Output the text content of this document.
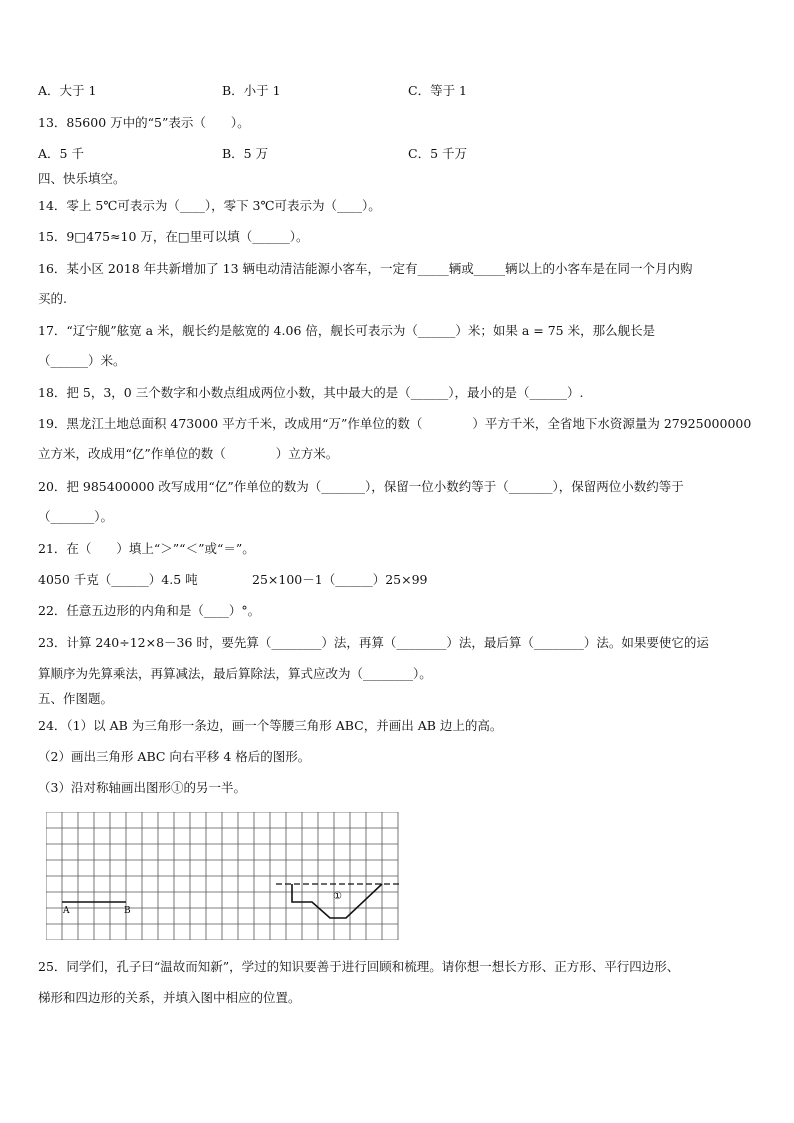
A．大于 1	B．小于 1	C．等于 1
13．85600 万中的“5”表示（　　）。
A．5 千	B．5 万	C．5 千万
四、快乐填空。
14．零上 5℃可表示为（____），零下 3℃可表示为（____）。
15．9□475≈10 万，在□里可以填（______）。
16．某小区 2018 年共新增加了 13 辆电动清洁能源小客车，一定有_____辆或_____辆以上的小客车是在同一个月内购
买的.
17．“辽宁舰”舷宽 a 米，舰长约是舷宽的 4.06 倍，舰长可表示为（______）米；如果 a = 75 米，那么舰长是
（______）米。
18．把 5，3，0 三个数字和小数点组成两位小数，其中最大的是（______），最小的是（______）.
19．黑龙江土地总面积 473000 平方千米，改成用“万”作单位的数（　　　　）平方千米，全省地下水资源量为 27925000000
立方米，改成用“亿”作单位的数（　　　　）立方米。
20．把 985400000 改写成用“亿”作单位的数为（_______），保留一位小数约等于（_______），保留两位小数约等于
（_______）。
21．在（　　）填上“＞”“＜”或“＝”。
4050 千克（______）4.5 吨	25×100－1（______）25×99
22．任意五边形的内角和是（____）°。
23．计算 240÷12×8－36 时，要先算（________）法，再算（________）法，最后算（________）法。如果要使它的运
算顺序为先算乘法，再算减法，最后算除法，算式应改为（________）。
五、作图题。
24．（1）以 AB 为三角形一条边，画一个等腰三角形 ABC，并画出 AB 边上的高。
（2）画出三角形 ABC 向右平移 4 格后的图形。
（3）沿对称轴画出图形①的另一半。
A	B
①
25．同学们，孔子曰“温故而知新”，学过的知识要善于进行回顾和梳理。请你想一想长方形、正方形、平行四边形、
梯形和四边形的关系，并填入图中相应的位置。
